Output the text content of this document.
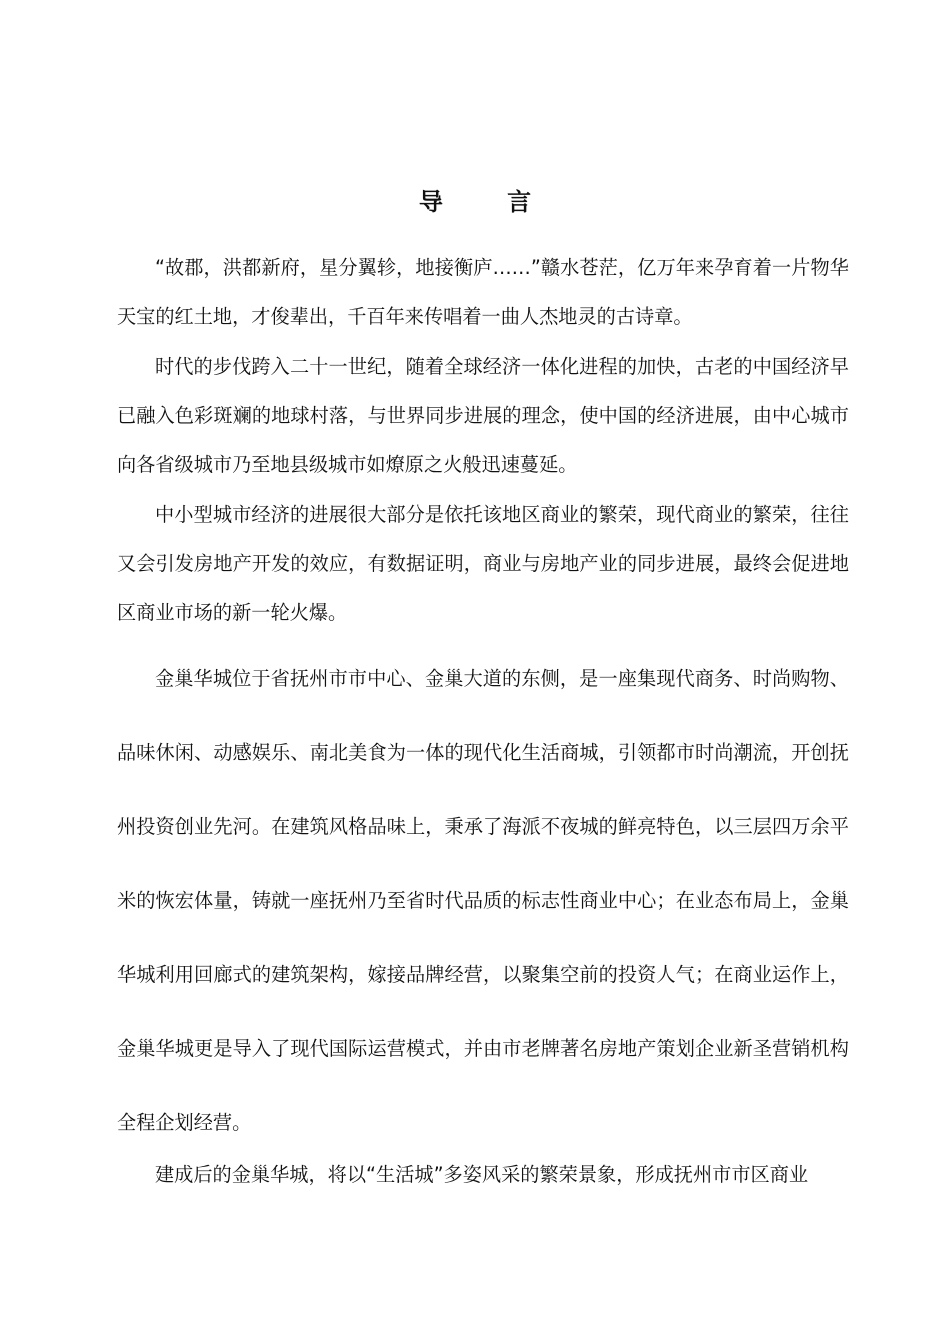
导 言

“故郡，洪都新府，星分翼轸，地接衡庐……”赣水苍茫，亿万年来孕育着一片物华天宝的红土地，才俊辈出，千百年来传唱着一曲人杰地灵的古诗章。

时代的步伐跨入二十一世纪，随着全球经济一体化进程的加快，古老的中国经济早已融入色彩斑斓的地球村落，与世界同步进展的理念，使中国的经济进展，由中心城市向各省级城市乃至地县级城市如燎原之火般迅速蔓延。

中小型城市经济的进展很大部分是依托该地区商业的繁荣，现代商业的繁荣，往往又会引发房地产开发的效应，有数据证明，商业与房地产业的同步进展，最终会促进地区商业市场的新一轮火爆。

金巢华城位于省抚州市市中心、金巢大道的东侧，是一座集现代商务、时尚购物、品味休闲、动感娱乐、南北美食为一体的现代化生活商城，引领都市时尚潮流，开创抚州投资创业先河。在建筑风格品味上，秉承了海派不夜城的鲜亮特色，以三层四万余平米的恢宏体量，铸就一座抚州乃至省时代品质的标志性商业中心；在业态布局上，金巢华城利用回廊式的建筑架构，嫁接品牌经营，以聚集空前的投资人气；在商业运作上，金巢华城更是导入了现代国际运营模式，并由市老牌著名房地产策划企业新圣营销机构全程企划经营。

建成后的金巢华城，将以“生活城”多姿风采的繁荣景象，形成抚州市市区商业
